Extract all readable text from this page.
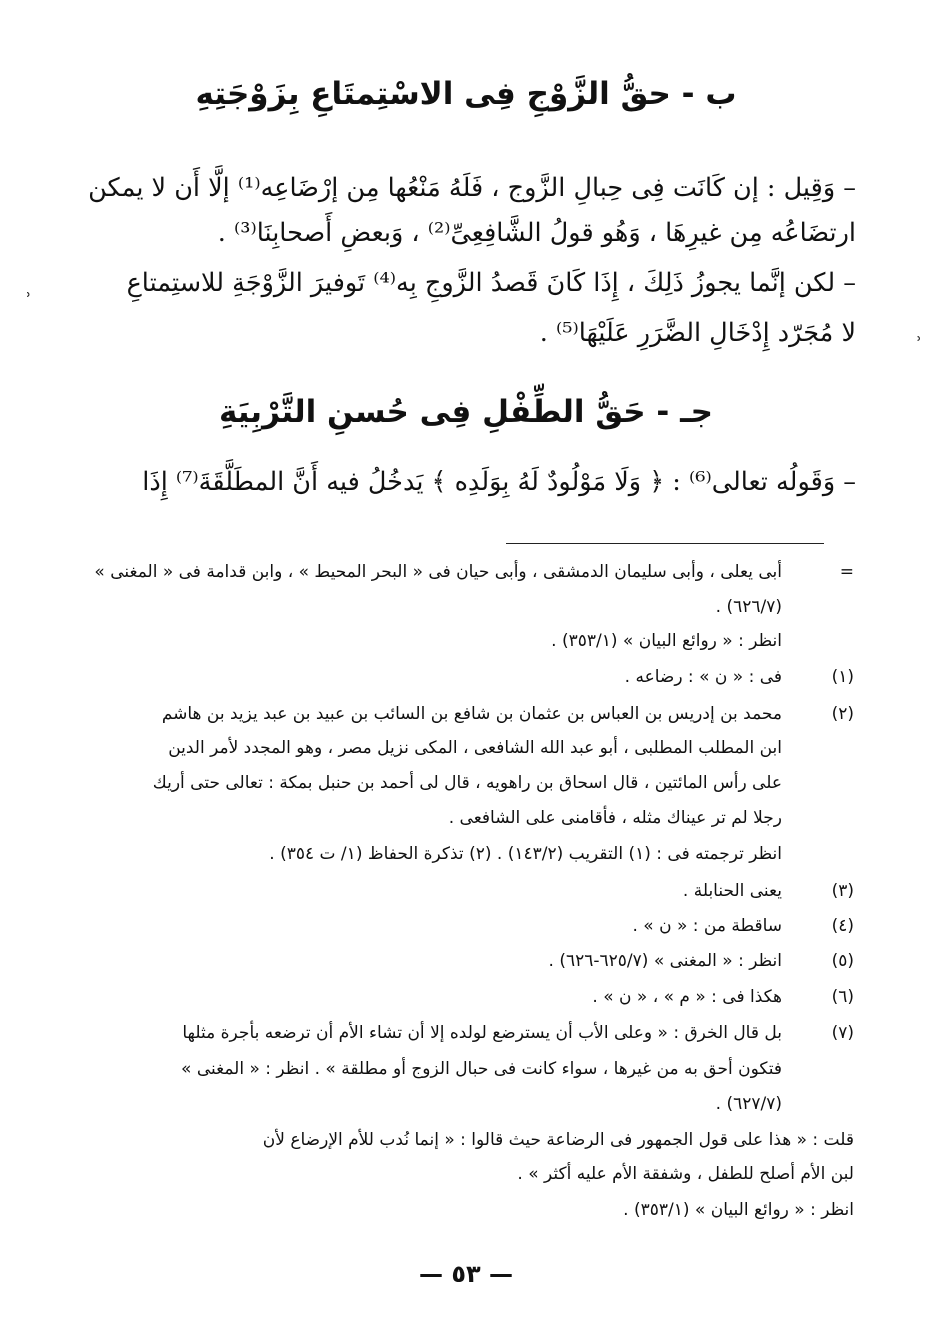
ب - حقُّ الزَّوْجِ فِى الاسْتِمتَاعِ بِزَوْجَتِهِ
– وَقِيل : إن كَانَت فِى حِبالِ الزَّوج ، فَلَهُ مَنْعُها مِن إرْضَاعِه⁽¹⁾ إلَّا أَن لا يمكن
ارتضَاعُه مِن غيرِهَا ، وَهُو قولُ الشَّافِعِىِّ⁽²⁾ ، وَبعضِ أَصحابِنَا⁽³⁾ .
– لكن إنَّما يجوزُ ذَلِكَ ، إِذَا كَانَ قَصدُ الزَّوجِ بِه⁽⁴⁾ تَوفيرَ الزَّوْجَةِ للاستِمتاعِ
لا مُجَرّد إِدْخَالِ الضَّرَرِ عَلَيْهَا⁽⁵⁾ .
ʾ
ʾ
جـ - حَقُّ الطِّفْلِ فِى حُسنِ التَّرْبِيَةِ
– وَقَولُه تعالى⁽⁶⁾ : ﴿ وَلَا مَوْلُودٌ لَهُ بِوَلَدِه ﴾ يَدخُلُ فيه أَنَّ المطَلَّقَةَ⁽⁷⁾ إِذَا
=
أبى يعلى ، وأبى سليمان الدمشقى ، وأبى حيان فى « البحر المحيط » ، وابن قدامة فى « المغنى »
(٦٢٦/٧) .
انظر : « روائع البيان » (٣٥٣/١) .
(١)
فى : « ن » : رضاعه .
(٢)
محمد بن إدريس بن العباس بن عثمان بن شافع بن السائب بن عبيد بن عبد يزيد بن هاشم
ابن المطلب المطلبى ، أبو عبد الله الشافعى ، المكى نزيل مصر ، وهو المجدد لأمر الدين
على رأس المائتين ، قال اسحاق بن راهويه ، قال لى أحمد بن حنبل بمكة : تعالى حتى أريك
رجلا لم تر عيناك مثله ، فأقامنى على الشافعى .
انظر ترجمته فى : (١) التقريب (١٤٣/٢) . (٢) تذكرة الحفاظ (١/ ت ٣٥٤) .
(٣)
يعنى الحنابلة .
(٤)
ساقطة من : « ن » .
(٥)
انظر : « المغنى » (٦٢٥/٧-٦٢٦) .
(٦)
هكذا فى : « م » ، « ن » .
(٧)
بل قال الخرق : « وعلى الأب أن يسترضع لولده إلا أن تشاء الأم أن ترضعه بأجرة مثلها
فتكون أحق به من غيرها ، سواء كانت فى حبال الزوج أو مطلقة » . انظر : « المغنى »
(٦٢٧/٧) .
قلت : « هذا على قول الجمهور فى الرضاعة حيث قالوا : « إنما نُدب للأم الإرضاع لأن
لبن الأم أصلح للطفل ، وشفقة الأم عليه أكثر » .
انظر : « روائع البيان » (٣٥٣/١) .
— ٥٣ —
